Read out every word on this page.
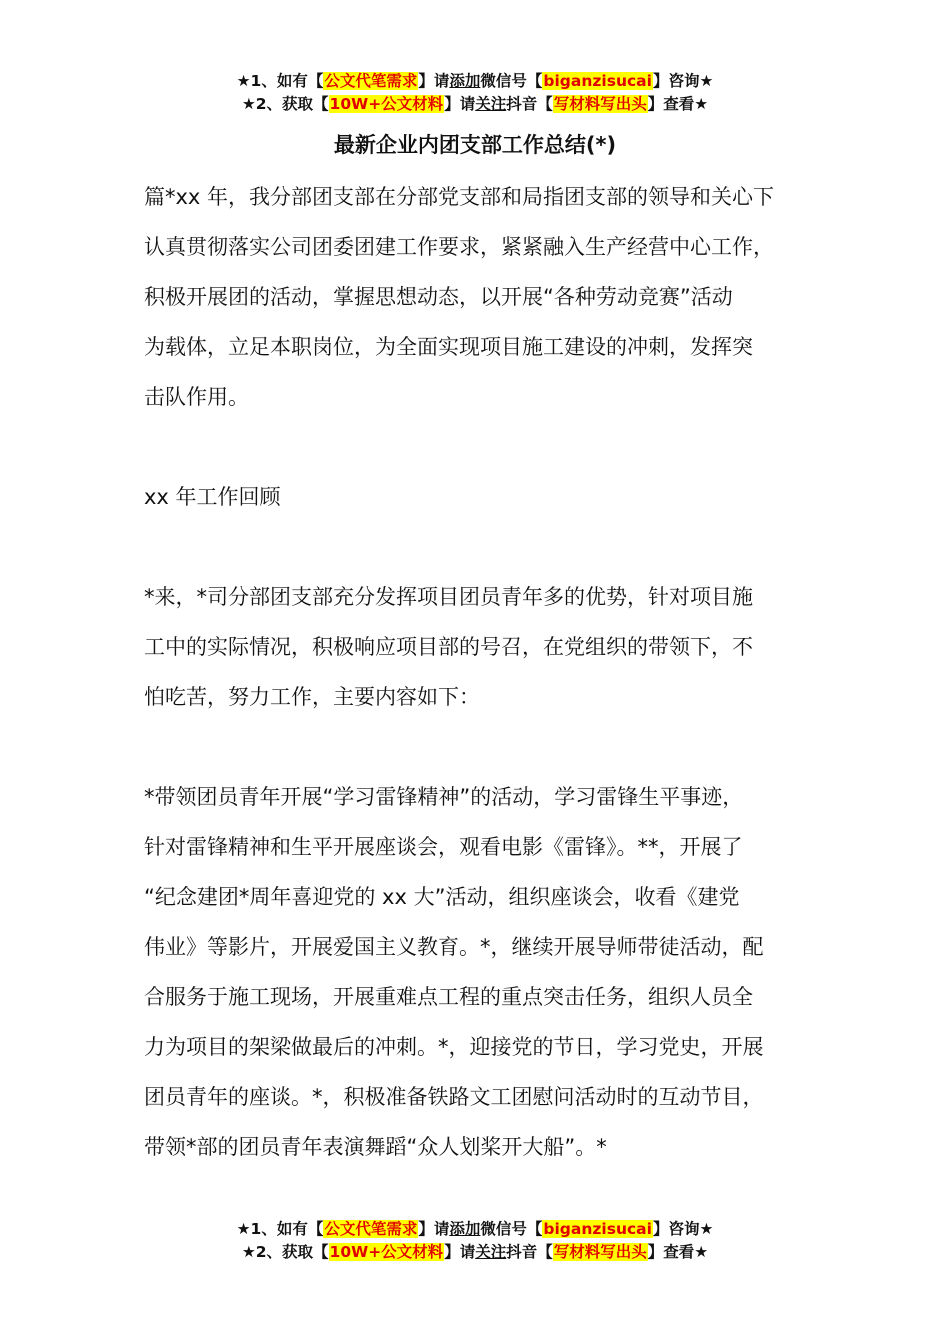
★1、如有【公文代笔需求】请添加微信号【biganzisucai】咨询★
★2、获取【10W+公文材料】请关注抖音【写材料写出头】查看★
最新企业内团支部工作总结(*)

篇*xx 年，我分部团支部在分部党支部和局指团支部的领导和关心下

认真贯彻落实公司团委团建工作要求，紧紧融入生产经营中心工作，

积极开展团的活动，掌握思想动态，以开展“各种劳动竞赛”活动

为载体，立足本职岗位，为全面实现项目施工建设的冲刺，发挥突

击队作用。

xx 年工作回顾

*来，*司分部团支部充分发挥项目团员青年多的优势，针对项目施

工中的实际情况，积极响应项目部的号召，在党组织的带领下，不

怕吃苦，努力工作，主要内容如下：

*带领团员青年开展“学习雷锋精神”的活动，学习雷锋生平事迹，

针对雷锋精神和生平开展座谈会，观看电影《雷锋》。**，开展了

“纪念建团*周年喜迎党的 xx 大”活动，组织座谈会，收看《建党

伟业》等影片，开展爱国主义教育。*，继续开展导师带徒活动，配

合服务于施工现场，开展重难点工程的重点突击任务，组织人员全

力为项目的架梁做最后的冲刺。*，迎接党的节日，学习党史，开展

团员青年的座谈。*，积极准备铁路文工团慰问活动时的互动节目，

带领*部的团员青年表演舞蹈“众人划桨开大船”。*

★1、如有【公文代笔需求】请添加微信号【biganzisucai】咨询★
★2、获取【10W+公文材料】请关注抖音【写材料写出头】查看★
